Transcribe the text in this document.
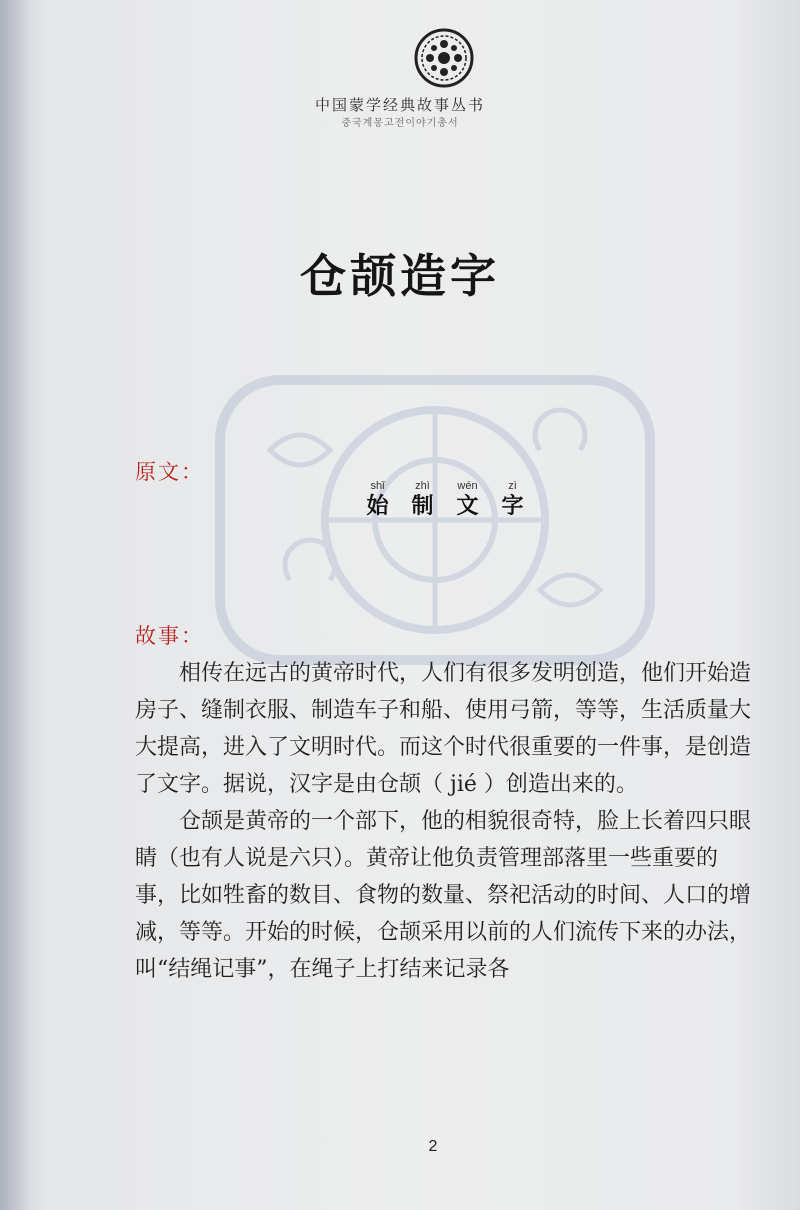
中国蒙学经典故事丛书
중국계몽고전이야기총서
仓颉造字
原文：
shǐ
始
zhì
制
wén
文
zì
字
故事：

相传在远古的黄帝时代，人们有很多发明创造，他们开始造房子、缝制衣服、制造车子和船、使用弓箭，等等，生活质量大大提高，进入了文明时代。而这个时代很重要的一件事，是创造了文字。据说，汉字是由仓颉（ jié ）创造出来的。

仓颉是黄帝的一个部下，他的相貌很奇特，脸上长着四只眼睛（也有人说是六只）。黄帝让他负责管理部落里一些重要的事，比如牲畜的数目、食物的数量、祭祀活动的时间、人口的增减，等等。开始的时候，仓颉采用以前的人们流传下来的办法，叫“结绳记事”，在绳子上打结来记录各

2
